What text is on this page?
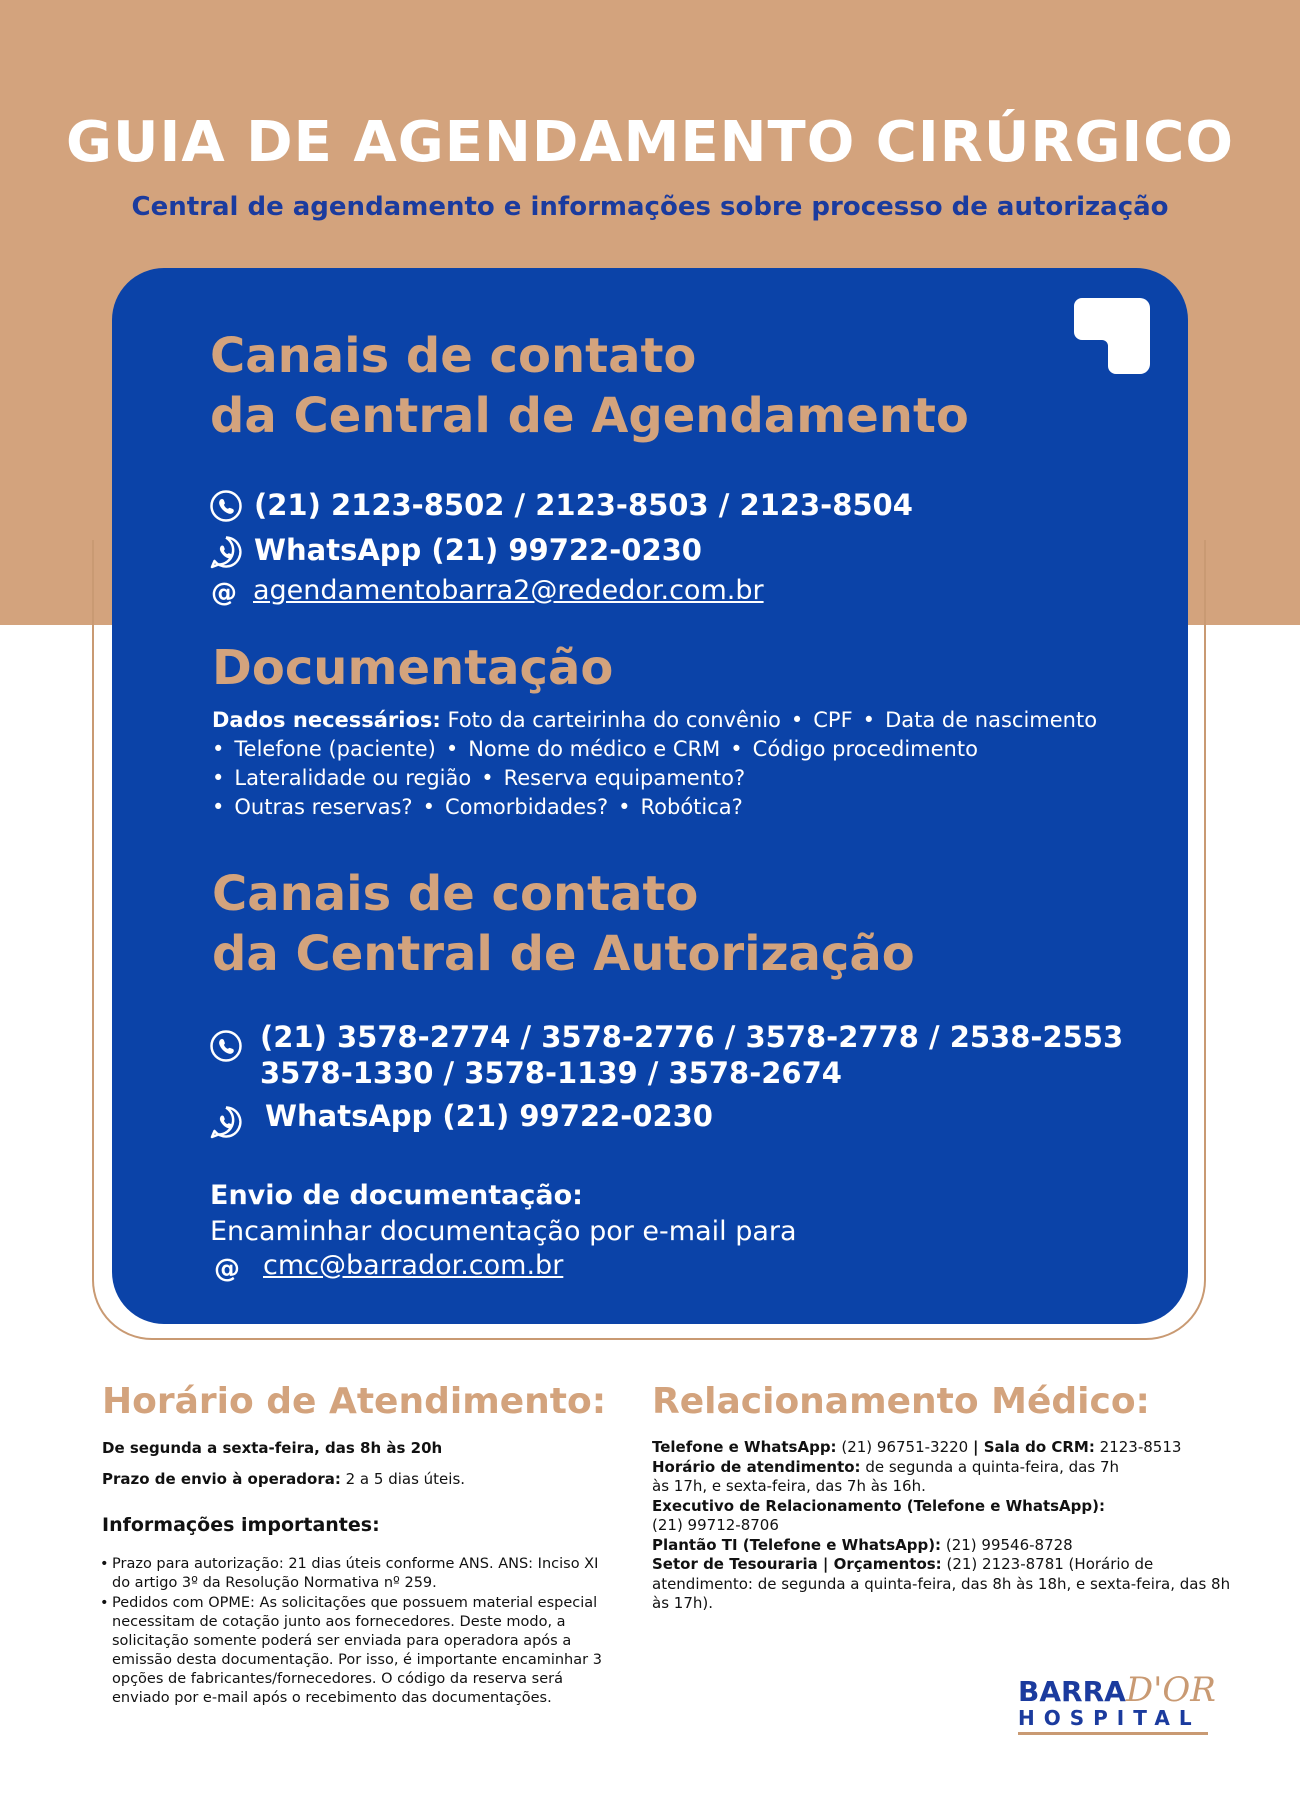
GUIA DE AGENDAMENTO CIRÚRGICO
Central de agendamento e informações sobre processo de autorização
Canais de contato
da Central de Agendamento
(21) 2123-8502 / 2123-8503 / 2123-8504
WhatsApp (21) 99722-0230
@ agendamentobarra2@rededor.com.br
Documentação
Dados necessários: Foto da carteirinha do convênio • CPF • Data de nascimento
• Telefone (paciente) • Nome do médico e CRM • Código procedimento
• Lateralidade ou região • Reserva equipamento?
• Outras reservas? • Comorbidades? • Robótica?
Canais de contato
da Central de Autorização
(21) 3578-2774 / 3578-2776 / 3578-2778 / 2538-2553
3578-1330 / 3578-1139 / 3578-2674
WhatsApp (21) 99722-0230
Envio de documentação:
Encaminhar documentação por e-mail para
@ cmc@barrador.com.br
Horário de Atendimento:
De segunda a sexta-feira, das 8h às 20h
Prazo de envio à operadora: 2 a 5 dias úteis.
Informações importantes:
• Prazo para autorização: 21 dias úteis conforme ANS. ANS: Inciso XI do artigo 3º da Resolução Normativa nº 259.
• Pedidos com OPME: As solicitações que possuem material especial necessitam de cotação junto aos fornecedores. Deste modo, a solicitação somente poderá ser enviada para operadora após a emissão desta documentação. Por isso, é importante encaminhar 3 opções de fabricantes/fornecedores. O código da reserva será enviado por e-mail após o recebimento das documentações.
Relacionamento Médico:

Telefone e WhatsApp: (21) 96751-3220 | Sala do CRM: 2123-8513

Horário de atendimento: de segunda a quinta-feira, das 7h às 17h, e sexta-feira, das 7h às 16h.

Executivo de Relacionamento (Telefone e WhatsApp):
(21) 99712-8706

Plantão TI (Telefone e WhatsApp): (21) 99546-8728

Setor de Tesouraria | Orçamentos: (21) 2123-8781 (Horário de atendimento: de segunda a quinta-feira, das 8h às 18h, e sexta-feira, das 8h às 17h).

BARRAD'OR
HOSPITAL
